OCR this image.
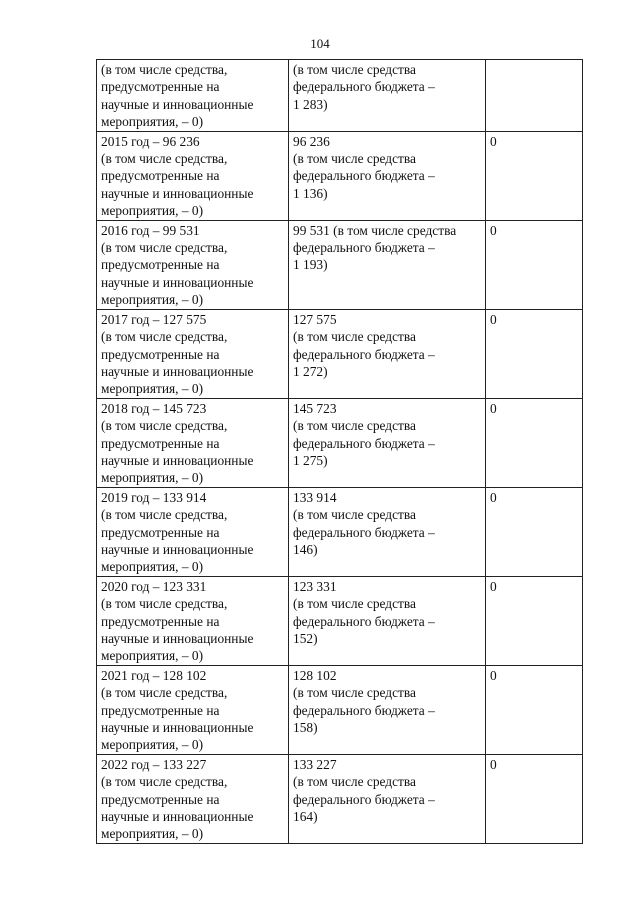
104
(в том числе средства,
предусмотренные на
научные и инновационные
мероприятия, – 0)	(в том числе средства
федерального бюджета –
1 283)	

2015 год – 96 236
(в том числе средства,
предусмотренные на
научные и инновационные
мероприятия, – 0)	96 236
(в том числе средства
федерального бюджета –
1 136)	0

2016 год – 99 531
(в том числе средства,
предусмотренные на
научные и инновационные
мероприятия, – 0)	99 531 (в том числе средства
федерального бюджета –
1 193)	0

2017 год – 127 575
(в том числе средства,
предусмотренные на
научные и инновационные
мероприятия, – 0)	127 575
(в том числе средства
федерального бюджета –
1 272)	0

2018 год – 145 723
(в том числе средства,
предусмотренные на
научные и инновационные
мероприятия, – 0)	145 723
(в том числе средства
федерального бюджета –
1 275)	0

2019 год – 133 914
(в том числе средства,
предусмотренные на
научные и инновационные
мероприятия, – 0)	133 914
(в том числе средства
федерального бюджета –
146)	0

2020 год – 123 331
(в том числе средства,
предусмотренные на
научные и инновационные
мероприятия, – 0)	123 331
(в том числе средства
федерального бюджета –
152)	0

2021 год – 128 102
(в том числе средства,
предусмотренные на
научные и инновационные
мероприятия, – 0)	128 102
(в том числе средства
федерального бюджета –
158)	0

2022 год – 133 227
(в том числе средства,
предусмотренные на
научные и инновационные
мероприятия, – 0)	133 227
(в том числе средства
федерального бюджета –
164)	0
